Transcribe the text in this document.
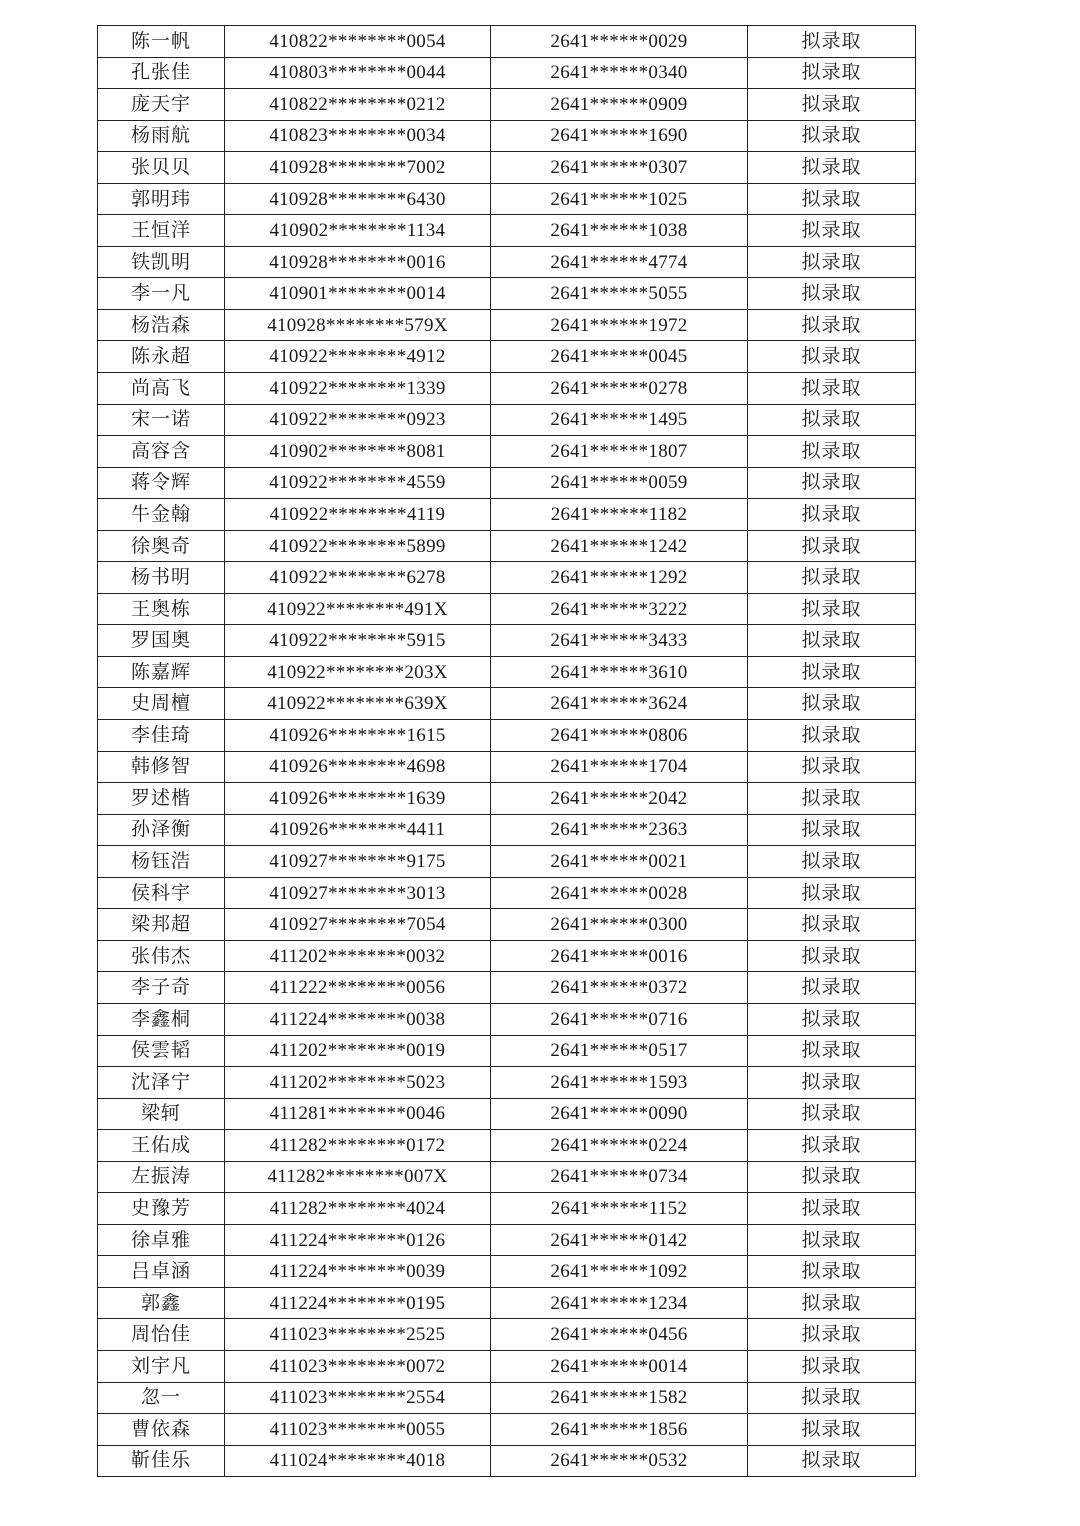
陈一帆	410822********0054	2641******0029	拟录取
孔张佳	410803********0044	2641******0340	拟录取
庞天宇	410822********0212	2641******0909	拟录取
杨雨航	410823********0034	2641******1690	拟录取
张贝贝	410928********7002	2641******0307	拟录取
郭明玮	410928********6430	2641******1025	拟录取
王恒洋	410902********1134	2641******1038	拟录取
铁凯明	410928********0016	2641******4774	拟录取
李一凡	410901********0014	2641******5055	拟录取
杨浩森	410928********579X	2641******1972	拟录取
陈永超	410922********4912	2641******0045	拟录取
尚高飞	410922********1339	2641******0278	拟录取
宋一诺	410922********0923	2641******1495	拟录取
高容含	410902********8081	2641******1807	拟录取
蒋令辉	410922********4559	2641******0059	拟录取
牛金翰	410922********4119	2641******1182	拟录取
徐奥奇	410922********5899	2641******1242	拟录取
杨书明	410922********6278	2641******1292	拟录取
王奥栋	410922********491X	2641******3222	拟录取
罗国奥	410922********5915	2641******3433	拟录取
陈嘉辉	410922********203X	2641******3610	拟录取
史周檀	410922********639X	2641******3624	拟录取
李佳琦	410926********1615	2641******0806	拟录取
韩修智	410926********4698	2641******1704	拟录取
罗述楷	410926********1639	2641******2042	拟录取
孙泽衡	410926********4411	2641******2363	拟录取
杨钰浩	410927********9175	2641******0021	拟录取
侯科宇	410927********3013	2641******0028	拟录取
梁邦超	410927********7054	2641******0300	拟录取
张伟杰	411202********0032	2641******0016	拟录取
李子奇	411222********0056	2641******0372	拟录取
李鑫桐	411224********0038	2641******0716	拟录取
侯雲韬	411202********0019	2641******0517	拟录取
沈泽宁	411202********5023	2641******1593	拟录取
梁轲	411281********0046	2641******0090	拟录取
王佑成	411282********0172	2641******0224	拟录取
左振涛	411282********007X	2641******0734	拟录取
史豫芳	411282********4024	2641******1152	拟录取
徐卓雅	411224********0126	2641******0142	拟录取
吕卓涵	411224********0039	2641******1092	拟录取
郭鑫	411224********0195	2641******1234	拟录取
周怡佳	411023********2525	2641******0456	拟录取
刘宇凡	411023********0072	2641******0014	拟录取
忽一	411023********2554	2641******1582	拟录取
曹依森	411023********0055	2641******1856	拟录取
靳佳乐	411024********4018	2641******0532	拟录取
